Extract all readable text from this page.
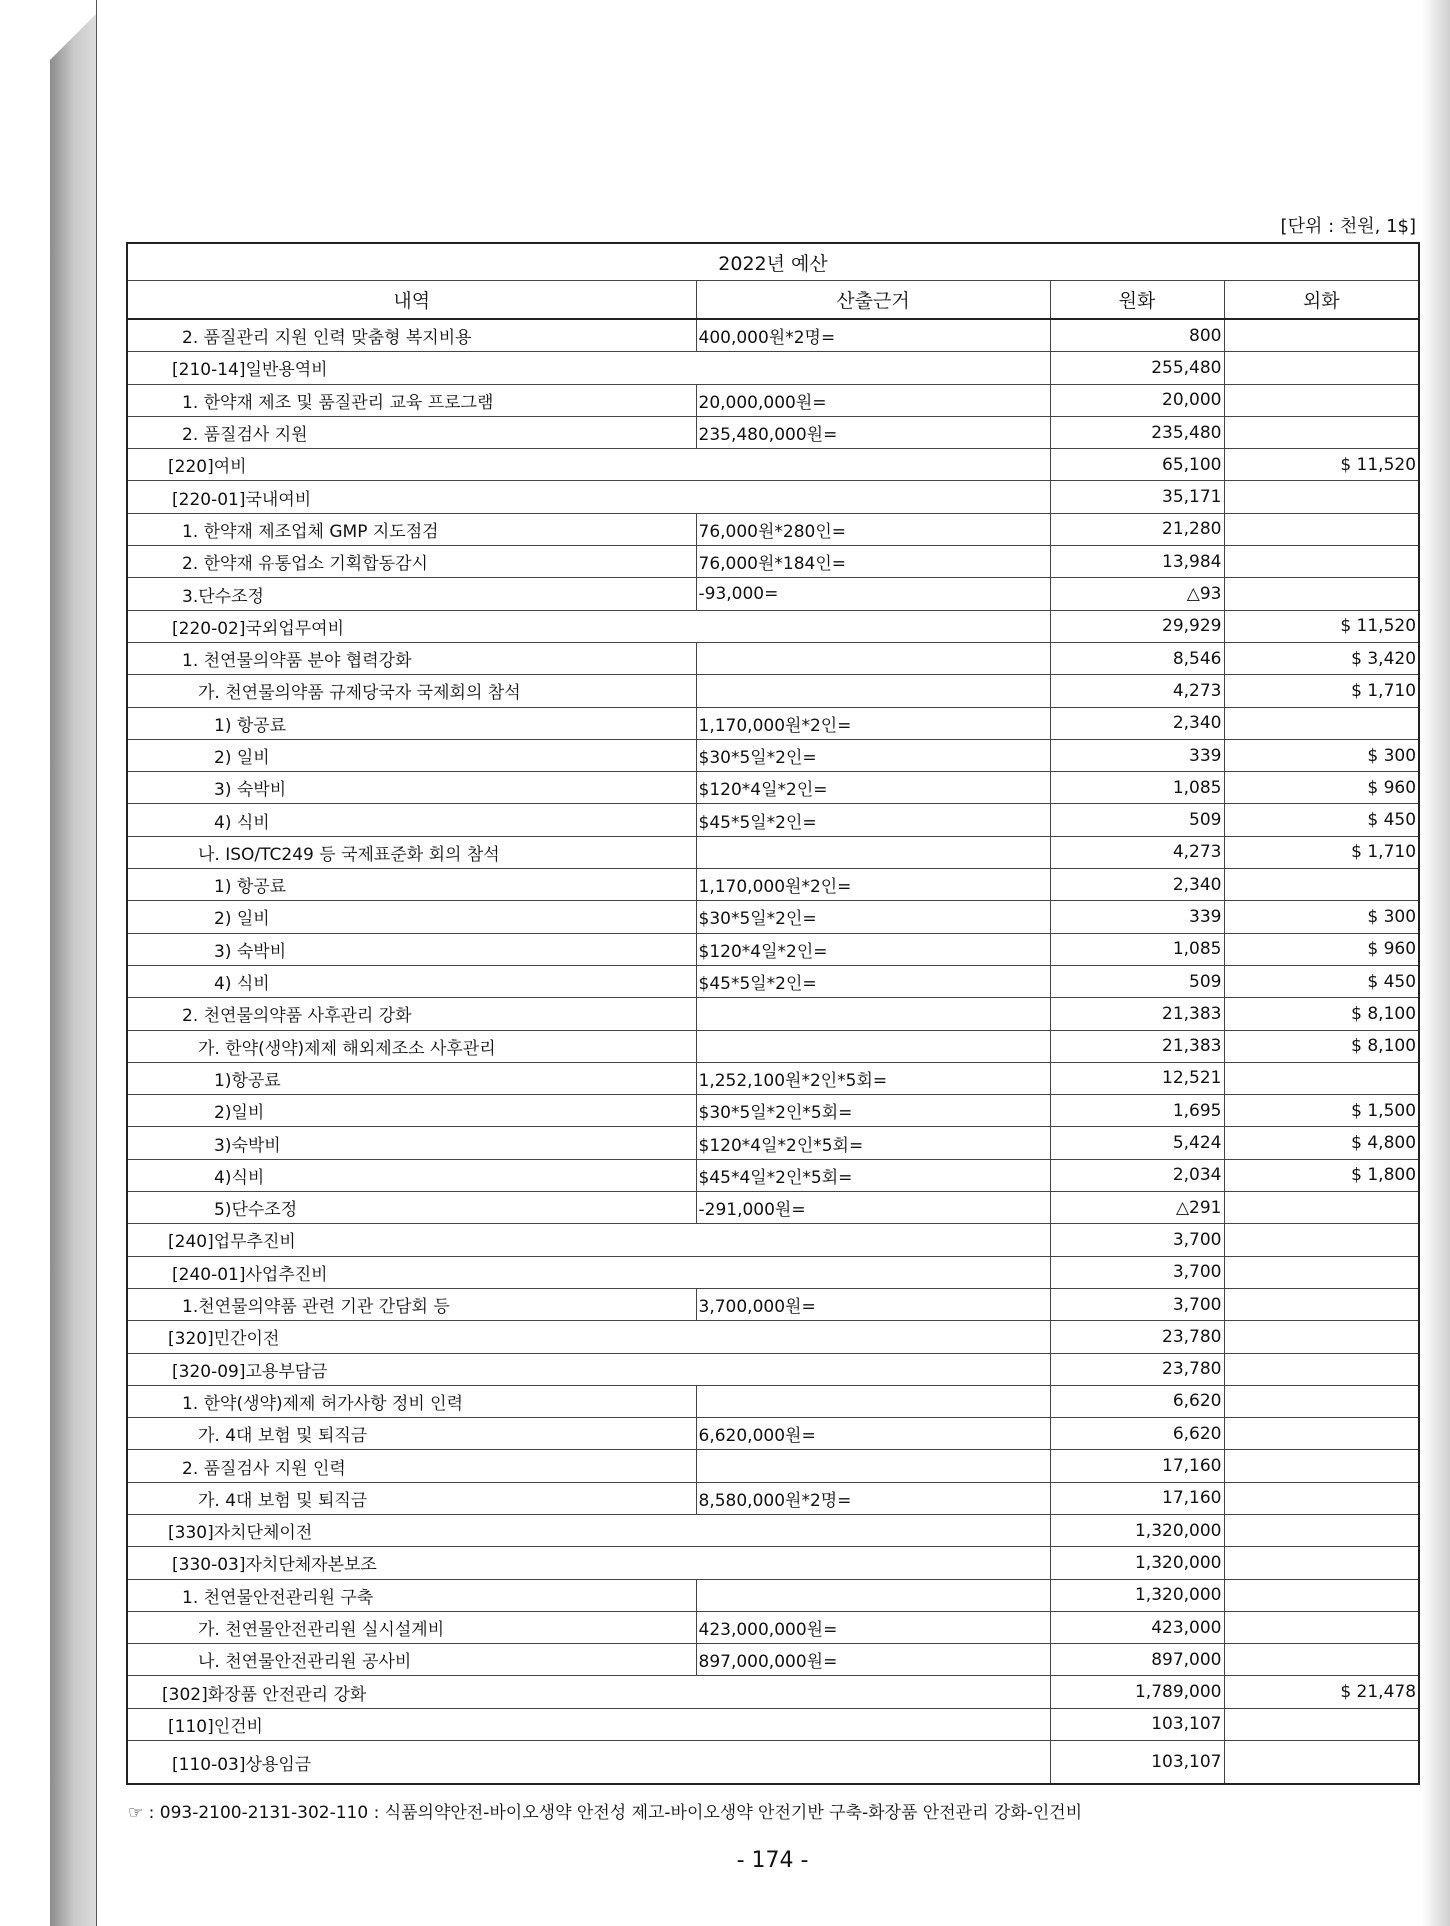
[단위 : 천원, 1$]
2022년 예산			
내역	산출근거	원화	외화
2. 품질관리 지원 인력 맞춤형 복지비용	400,000원*2명=	800	
[210-14]일반용역비		255,480	
1. 한약재 제조 및 품질관리 교육 프로그램	20,000,000원=	20,000	
2. 품질검사 지원	235,480,000원=	235,480	
[220]여비		65,100	$ 11,520
[220-01]국내여비		35,171	
1. 한약재 제조업체 GMP 지도점검	76,000원*280인=	21,280	
2. 한약재 유통업소 기획합동감시	76,000원*184인=	13,984	
3.단수조정	-93,000=	△93	
[220-02]국외업무여비		29,929	$ 11,520
1. 천연물의약품 분야 협력강화		8,546	$ 3,420
가. 천연물의약품 규제당국자 국제회의 참석		4,273	$ 1,710
1) 항공료	1,170,000원*2인=	2,340	
2) 일비	$30*5일*2인=	339	$ 300
3) 숙박비	$120*4일*2인=	1,085	$ 960
4) 식비	$45*5일*2인=	509	$ 450
나. ISO/TC249 등 국제표준화 회의 참석		4,273	$ 1,710
1) 항공료	1,170,000원*2인=	2,340	
2) 일비	$30*5일*2인=	339	$ 300
3) 숙박비	$120*4일*2인=	1,085	$ 960
4) 식비	$45*5일*2인=	509	$ 450
2. 천연물의약품 사후관리 강화		21,383	$ 8,100
가. 한약(생약)제제 해외제조소 사후관리		21,383	$ 8,100
1)항공료	1,252,100원*2인*5회=	12,521	
2)일비	$30*5일*2인*5회=	1,695	$ 1,500
3)숙박비	$120*4일*2인*5회=	5,424	$ 4,800
4)식비	$45*4일*2인*5회=	2,034	$ 1,800
5)단수조정	-291,000원=	△291	
[240]업무추진비		3,700	
[240-01]사업추진비		3,700	
1.천연물의약품 관련 기관 간담회 등	3,700,000원=	3,700	
[320]민간이전		23,780	
[320-09]고용부담금		23,780	
1. 한약(생약)제제 허가사항 정비 인력		6,620	
가. 4대 보험 및 퇴직금	6,620,000원=	6,620	
2. 품질검사 지원 인력		17,160	
가. 4대 보험 및 퇴직금	8,580,000원*2명=	17,160	
[330]자치단체이전		1,320,000	
[330-03]자치단체자본보조		1,320,000	
1. 천연물안전관리원 구축		1,320,000	
가. 천연물안전관리원 실시설계비	423,000,000원=	423,000	
나. 천연물안전관리원 공사비	897,000,000원=	897,000	
[302]화장품 안전관리 강화		1,789,000	$ 21,478
[110]인건비		103,107	
[110-03]상용임금		103,107	
☞ : 093-2100-2131-302-110 : 식품의약안전-바이오생약 안전성 제고-바이오생약 안전기반 구축-화장품 안전관리 강화-인건비
- 174 -
